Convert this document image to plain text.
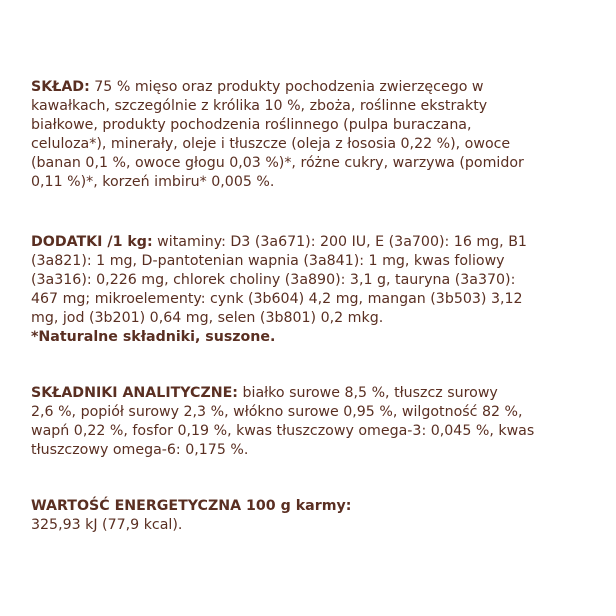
SKŁAD: 75 % mięso oraz produkty pochodzenia zwierzęcego w
kawałkach, szczególnie z królika 10 %, zboża, roślinne ekstrakty
białkowe, produkty pochodzenia roślinnego (pulpa buraczana,
celuloza*), minerały, oleje i tłuszcze (oleja z łososia 0,22 %), owoce
(banan 0,1 %, owoce głogu 0,03 %)*, różne cukry, warzywa (pomidor
0,11 %)*, korzeń imbiru* 0,005 %.

DODATKI /1 kg: witaminy: D3 (3a671): 200 IU, E (3a700): 16 mg, B1
(3a821): 1 mg, D-pantotenian wapnia (3a841): 1 mg, kwas foliowy
(3a316): 0,226 mg, chlorek choliny (3a890): 3,1 g, tauryna (3a370):
467 mg; mikroelementy: cynk (3b604) 4,2 mg, mangan (3b503) 3,12
mg, jod (3b201) 0,64 mg, selen (3b801) 0,2 mkg.
*Naturalne składniki, suszone.

SKŁADNIKI ANALITYCZNE: białko surowe 8,5 %, tłuszcz surowy
2,6 %, popiół surowy 2,3 %, włókno surowe 0,95 %, wilgotność 82 %,
wapń 0,22 %, fosfor 0,19 %, kwas tłuszczowy omega-3: 0,045 %, kwas
tłuszczowy omega-6: 0,175 %.

WARTOŚĆ ENERGETYCZNA 100 g karmy:
325,93 kJ (77,9 kcal).
